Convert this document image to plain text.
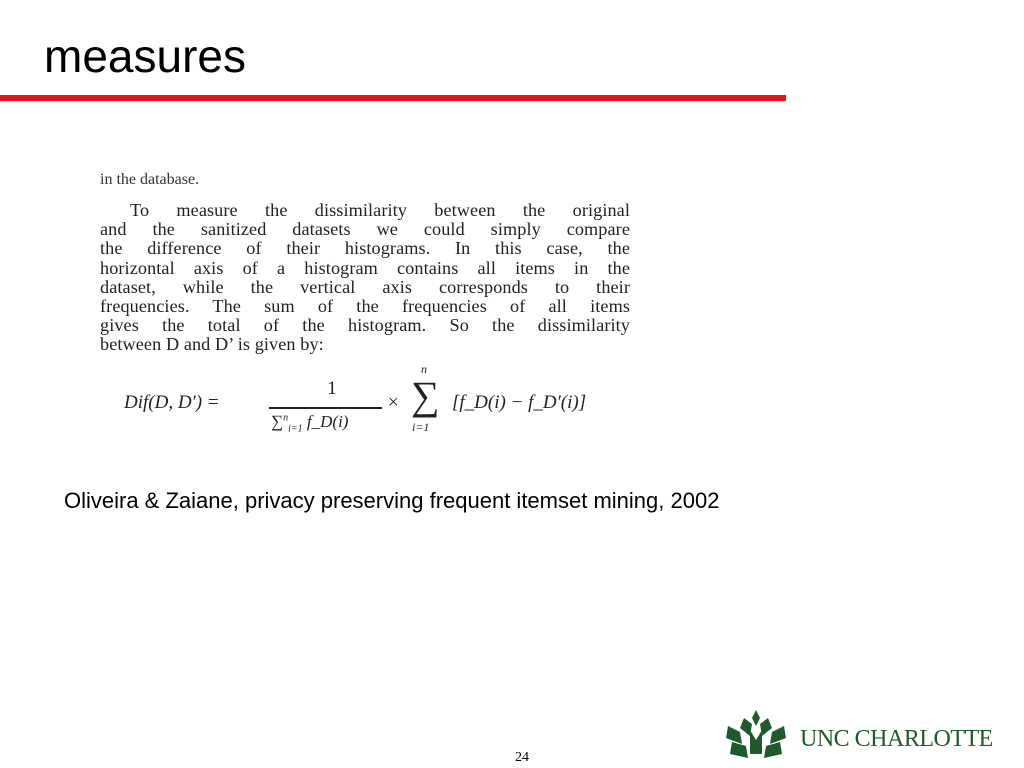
measures
in the database.
To measure the dissimilarity between the original
and the sanitized datasets we could simply compare
the difference of their histograms. In this case, the
horizontal axis of a histogram contains all items in the
dataset, while the vertical axis corresponds to their
frequencies. The sum of the frequencies of all items
gives the total of the histogram. So the dissimilarity
between D and D’ is given by:
Dif(D, D′) =
1
∑$^n_{i=1}$ f_D(i)
×
n
∑
i=1
[f_D(i) − f_D′(i)]
Oliveira & Zaiane, privacy preserving frequent itemset mining, 2002
UNC CHARLOTTE
24
